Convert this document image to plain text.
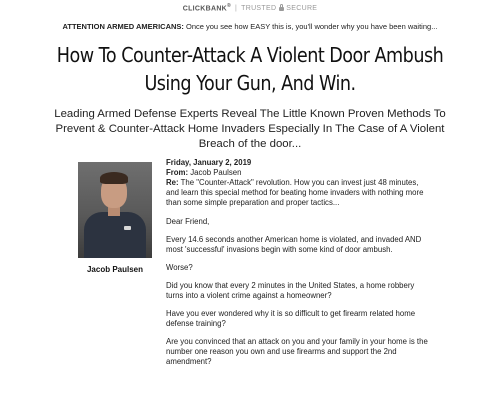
CLICKBANK® | TRUSTED SECURE
ATTENTION ARMED AMERICANS: Once you see how EASY this is, you'll wonder why you have been waiting...
How To Counter-Attack A Violent Door Ambush Using Your Gun, And Win.
Leading Armed Defense Experts Reveal The Little Known Proven Methods To Prevent & Counter-Attack Home Invaders Especially In The Case of A Violent Breach of the door...
Jacob Paulsen

Friday, January 2, 2019
From: Jacob Paulsen
Re: The "Counter-Attack" revolution. How you can invest just 48 minutes, and learn this special method for beating home invaders with nothing more than some simple preparation and proper tactics...

Dear Friend,

Every 14.6 seconds another American home is violated, and invaded AND most 'successful' invasions begin with some kind of door ambush.

Worse?

Did you know that every 2 minutes in the United States, a home robbery turns into a violent crime against a homeowner?

Have you ever wondered why it is so difficult to get firearm related home defense training?

Are you convinced that an attack on you and your family in your home is the number one reason you own and use firearms and support the 2nd amendment?
